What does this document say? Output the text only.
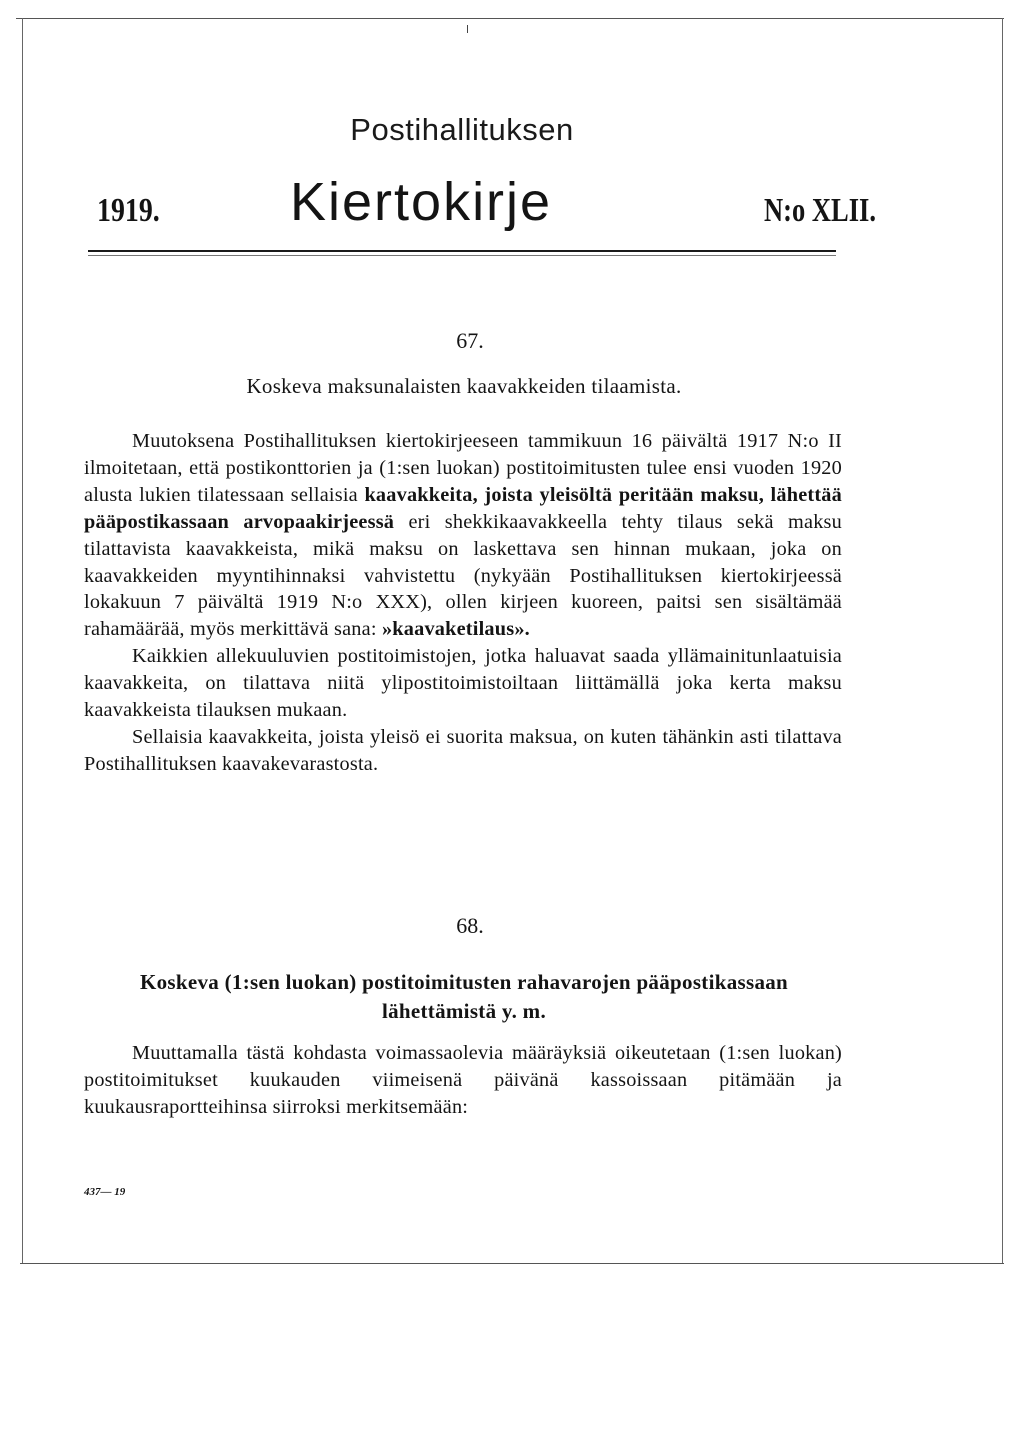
Postihallituksen
1919. Kiertokirje	N:o XLII.
67.
Koskeva maksunalaisten kaavakkeiden tilaamista.

Muutoksena Postihallituksen kiertokirjeeseen tammikuun 16 päivältä 1917 N:o II ilmoitetaan, että postikonttorien ja (1:sen luokan) postitoimitusten tulee ensi vuoden 1920 alusta lukien tilatessaan sellaisia kaavakkeita, joista yleisöltä peritään maksu, lähettää pääpostikassaan arvopaakirjeessä eri shekkikaavakkeella tehty tilaus sekä maksu tilattavista kaavakkeista, mikä maksu on laskettava sen hinnan mukaan, joka on kaavakkeiden myyntihinnaksi vahvistettu (nykyään Postihallituksen kiertokirjeessä lokakuun 7 päivältä 1919 N:o XXX), ollen kirjeen kuoreen, paitsi sen sisältämää rahamäärää, myös merkittävä sana: »kaavaketilaus».

Kaikkien allekuuluvien postitoimistojen, jotka haluavat saada yllämainitunlaatuisia kaavakkeita, on tilattava niitä ylipostitoimistoiltaan liittämällä joka kerta maksu kaavakkeista tilauksen mukaan.

Sellaisia kaavakkeita, joista yleisö ei suorita maksua, on kuten tähänkin asti tilattava Postihallituksen kaavakevarastosta.

68.
Koskeva (1:sen luokan) postitoimitusten rahavarojen pääpostikassaan lähettämistä y. m.

Muuttamalla tästä kohdasta voimassaolevia määräyksiä oikeutetaan (1:sen luokan) postitoimitukset kuukauden viimeisenä päivänä kassoissaan pitämään ja kuukausraportteihinsa siirroksi merkitsemään:

437— 19
